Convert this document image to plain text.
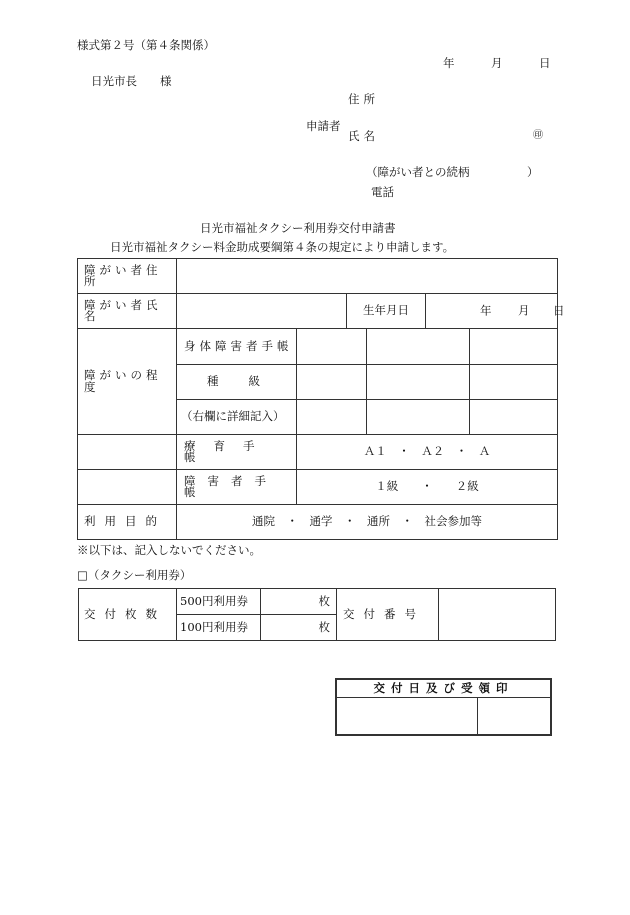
様式第２号（第４条関係）
年	月	日
日光市長　　様
住所
申請者
氏名	㊞
（障がい者との続柄　　　　　）
電話
日光市福祉タクシー利用券交付申請書
日光市福祉タクシー料金助成要綱第４条の規定により申請します。
障がい者住所						
障がい者氏名			生年月日		年 月 日	

障がいの程度	身体障害者手帳					
	種級					
	（右欄に詳細記入）					
	療育手帳	Ａ１　・　Ａ２　・　Ａ				
	障害者手帳	１級　　・　　２級				
利用目的	通院　・　通学　・　通所　・　社会参加等					
※以下は、記入しないでください。
□（タクシー利用券）
交付枚数	500円利用券	枚	交付番号	
	100円利用券	枚		
交付日及び受領印
